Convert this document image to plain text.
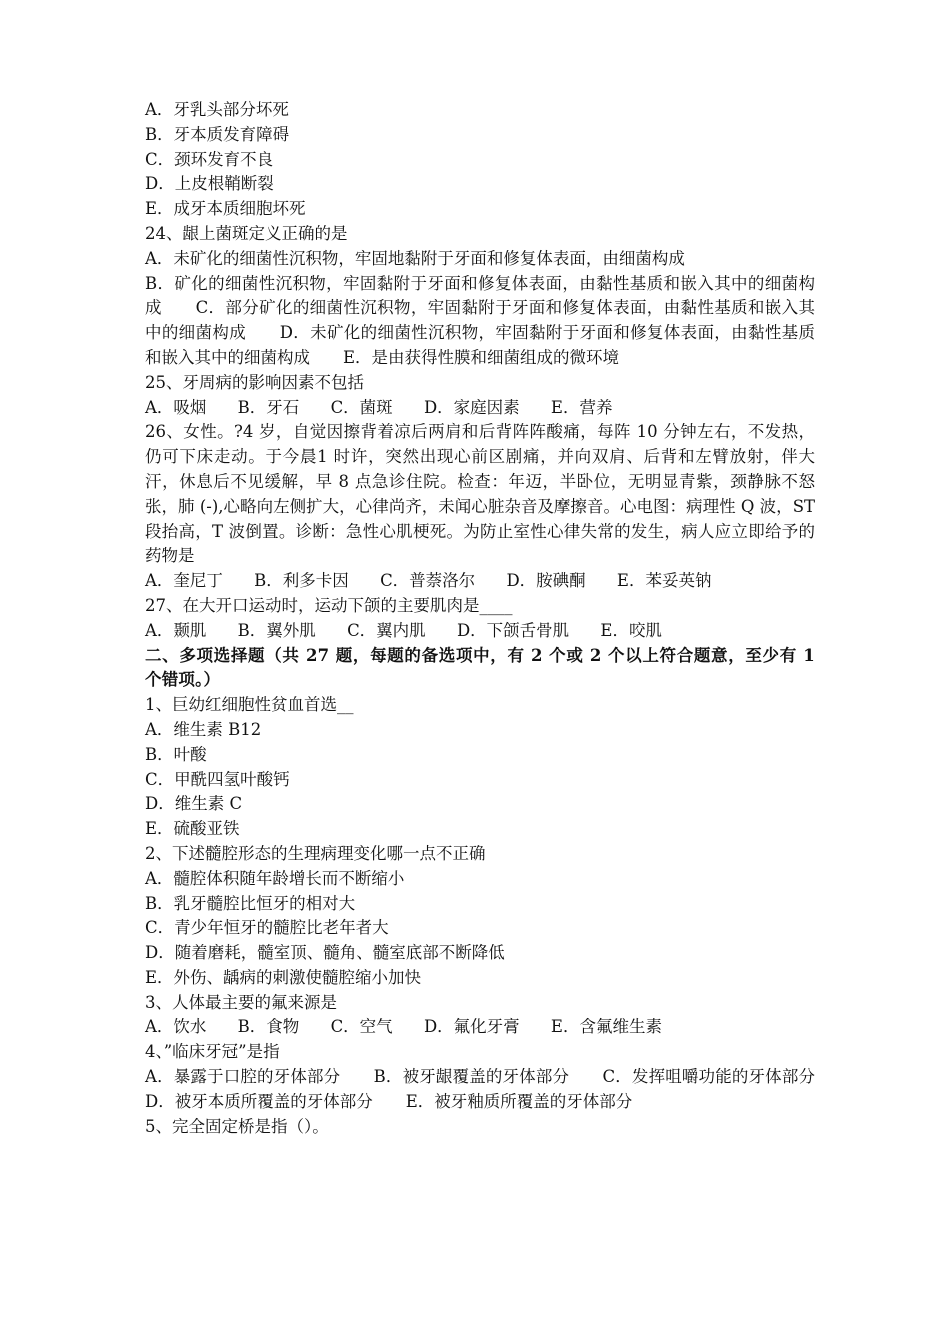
A．牙乳头部分坏死
B．牙本质发育障碍
C．颈环发育不良
D．上皮根鞘断裂
E．成牙本质细胞坏死
24、龈上菌斑定义正确的是
A．未矿化的细菌性沉积物，牢固地黏附于牙面和修复体表面，由细菌构成
B．矿化的细菌性沉积物，牢固黏附于牙面和修复体表面，由黏性基质和嵌入其中的细菌构成　　C．部分矿化的细菌性沉积物，牢固黏附于牙面和修复体表面，由黏性基质和嵌入其中的细菌构成　　D．未矿化的细菌性沉积物，牢固黏附于牙面和修复体表面，由黏性基质和嵌入其中的细菌构成　　E．是由获得性膜和细菌组成的微环境
25、牙周病的影响因素不包括
A．吸烟 B．牙石 C．菌斑 D．家庭因素 E．营养
26、女性。?4 岁，自觉因擦背着凉后两肩和后背阵阵酸痛，每阵 10 分钟左右，不发热，仍可下床走动。于今晨1 时许，突然出现心前区剧痛，并向双肩、后背和左臂放射，伴大汗，休息后不见缓解，早 8 点急诊住院。检查：年迈，半卧位，无明显青紫，颈静脉不怒张，肺 (-),心略向左侧扩大，心律尚齐，未闻心脏杂音及摩擦音。心电图：病理性 Q 波，ST 段抬高，T 波倒置。诊断：急性心肌梗死。为防止室性心律失常的发生，病人应立即给予的药物是
A．奎尼丁 B．利多卡因 C．普萘洛尔 D．胺碘酮 E．苯妥英钠
27、在大开口运动时，运动下颌的主要肌肉是____
A．颞肌 B．翼外肌 C．翼内肌 D．下颌舌骨肌 E．咬肌
二、多项选择题（共 27 题，每题的备选项中，有 2 个或 2 个以上符合题意，至少有 1 个错项。）
1、巨幼红细胞性贫血首选__
A．维生素 B12
B．叶酸
C．甲酰四氢叶酸钙
D．维生素 C
E．硫酸亚铁
2、下述髓腔形态的生理病理变化哪一点不正确
A．髓腔体积随年龄增长而不断缩小
B．乳牙髓腔比恒牙的相对大
C．青少年恒牙的髓腔比老年者大
D．随着磨耗，髓室顶、髓角、髓室底部不断降低
E．外伤、龋病的刺激使髓腔缩小加快
3、人体最主要的氟来源是
A．饮水 B．食物 C．空气 D．氟化牙膏 E．含氟维生素
4、”临床牙冠”是指
A．暴露于口腔的牙体部分　　B．被牙龈覆盖的牙体部分　　C．发挥咀嚼功能的牙体部分　　D．被牙本质所覆盖的牙体部分　　E．被牙釉质所覆盖的牙体部分
5、完全固定桥是指（）。
